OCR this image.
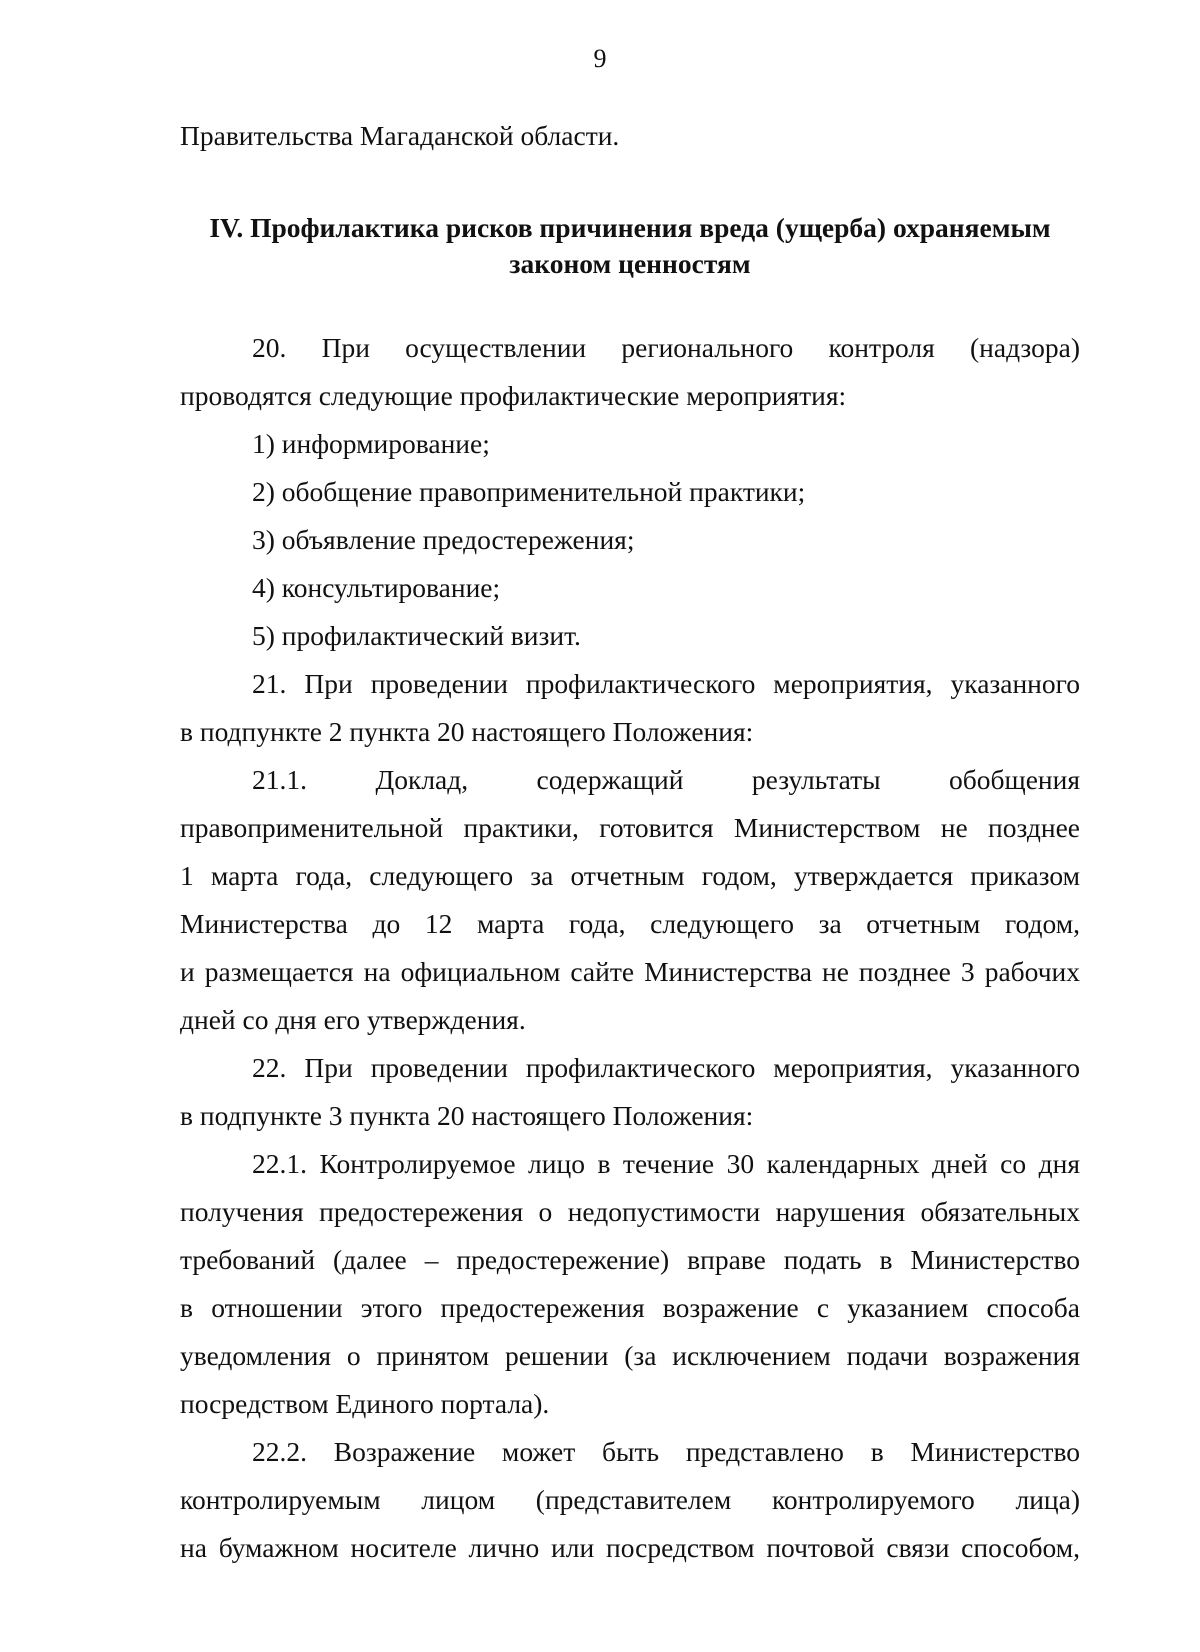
9
Правительства Магаданской области.
IV. Профилактика рисков причинения вреда (ущерба) охраняемым
законом ценностям
20. При осуществлении регионального контроля (надзора)
проводятся следующие профилактические мероприятия:
1) информирование;
2) обобщение правоприменительной практики;
3) объявление предостережения;
4) консультирование;
5) профилактический визит.
21. При проведении профилактического мероприятия, указанного
в подпункте 2 пункта 20 настоящего Положения:
21.1. Доклад, содержащий результаты обобщения
правоприменительной практики, готовится Министерством не позднее
1 марта года, следующего за отчетным годом, утверждается приказом
Министерства до 12 марта года, следующего за отчетным годом,
и размещается на официальном сайте Министерства не позднее 3 рабочих
дней со дня его утверждения.
22. При проведении профилактического мероприятия, указанного
в подпункте 3 пункта 20 настоящего Положения:
22.1. Контролируемое лицо в течение 30 календарных дней со дня
получения предостережения о недопустимости нарушения обязательных
требований (далее – предостережение) вправе подать в Министерство
в отношении этого предостережения возражение с указанием способа
уведомления о принятом решении (за исключением подачи возражения
посредством Единого портала).
22.2. Возражение может быть представлено в Министерство
контролируемым лицом (представителем контролируемого лица)
на бумажном носителе лично или посредством почтовой связи способом,
